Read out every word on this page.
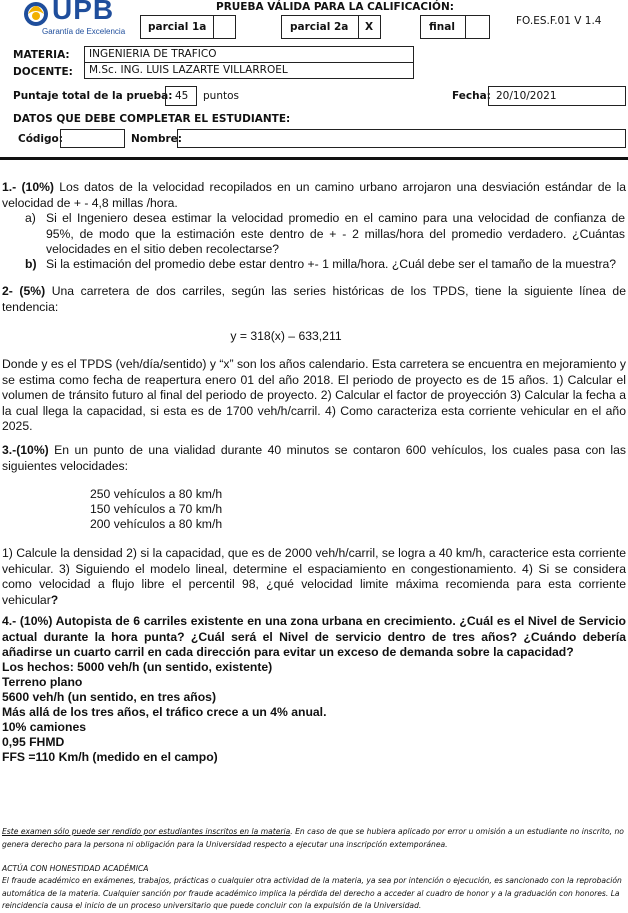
UPB
Garantía de Excelencia
PRUEBA VÁLIDA PARA LA CALIFICACIÓN:
FO.ES.F.01 V 1.4
parcial 1a	parcial 2a X	final
MATERIA: INGENIERIA DE TRAFICO
DOCENTE: M.Sc. ING. LUIS LAZARTE VILLARROEL
Puntaje total de la prueba: 45 puntos	Fecha: 20/10/2021
DATOS QUE DEBE COMPLETAR EL ESTUDIANTE:
Código:	Nombre:
1.- (10%) Los datos de la velocidad recopilados en un camino urbano arrojaron una desviación estándar de la velocidad de + - 4,8 millas /hora.
a) Si el Ingeniero desea estimar la velocidad promedio en el camino para una velocidad de confianza de 95%, de modo que la estimación este dentro de + - 2 millas/hora del promedio verdadero. ¿Cuántas velocidades en el sitio deben recolectarse?
b) Si la estimación del promedio debe estar dentro +- 1 milla/hora. ¿Cuál debe ser el tamaño de la muestra?
2- (5%) Una carretera de dos carriles, según las series históricas de los TPDS, tiene la siguiente línea de tendencia:
y = 318(x) – 633,211
Donde y es el TPDS (veh/día/sentido) y “x” son los años calendario. Esta carretera se encuentra en mejoramiento y se estima como fecha de reapertura enero 01 del año 2018. El periodo de proyecto es de 15 años. 1) Calcular el volumen de tránsito futuro al final del periodo de proyecto. 2) Calcular el factor de proyección 3) Calcular la fecha a la cual llega la capacidad, si esta es de 1700 veh/h/carril. 4) Como caracteriza esta corriente vehicular en el año 2025.
3.-(10%) En un punto de una vialidad durante 40 minutos se contaron 600 vehículos, los cuales pasa con las siguientes velocidades:
250 vehículos a 80 km/h
150 vehículos a 70 km/h
200 vehículos a 80 km/h
1) Calcule la densidad 2) si la capacidad, que es de 2000 veh/h/carril, se logra a 40 km/h, caracterice esta corriente vehicular. 3) Siguiendo el modelo lineal, determine el espaciamiento en congestionamiento. 4) Si se considera como velocidad a flujo libre el percentil 98, ¿qué velocidad limite máxima recomienda para esta corriente vehicular?
4.- (10%) Autopista de 6 carriles existente en una zona urbana en crecimiento. ¿Cuál es el Nivel de Servicio actual durante la hora punta? ¿Cuál será el Nivel de servicio dentro de tres años? ¿Cuándo debería añadirse un cuarto carril en cada dirección para evitar un exceso de demanda sobre la capacidad?
Los hechos: 5000 veh/h (un sentido, existente)
Terreno plano
5600 veh/h (un sentido, en tres años)
Más allá de los tres años, el tráfico crece a un 4% anual.
10% camiones
0,95 FHMD
FFS =110 Km/h (medido en el campo)
Este examen sólo puede ser rendido por estudiantes inscritos en la materia. En caso de que se hubiera aplicado por error u omisión a un estudiante no inscrito, no genera derecho para la persona ni obligación para la Universidad respecto a ejecutar una inscripción extemporánea.
ACTÚA CON HONESTIDAD ACADÉMICA
El fraude académico en exámenes, trabajos, prácticas o cualquier otra actividad de la materia, ya sea por intención o ejecución, es sancionado con la reprobación automática de la materia. Cualquier sanción por fraude académico implica la pérdida del derecho a acceder al cuadro de honor y a la graduación con honores. La reincidencia causa el inicio de un proceso universitario que puede concluir con la expulsión de la Universidad.
